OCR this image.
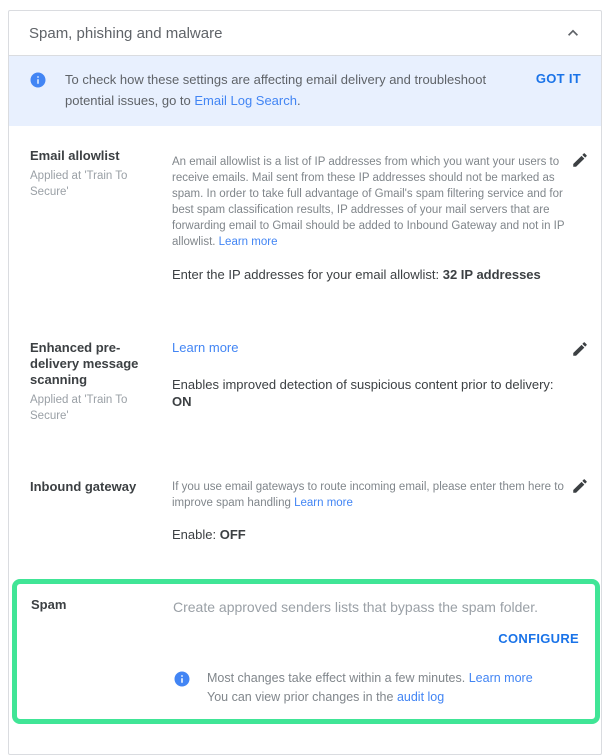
Spam, phishing and malware
To check how these settings are affecting email delivery and troubleshoot potential issues, go to Email Log Search.
GOT IT
Email allowlist
Applied at 'Train To Secure'
An email allowlist is a list of IP addresses from which you want your users to receive emails. Mail sent from these IP addresses should not be marked as spam. In order to take full advantage of Gmail's spam filtering service and for best spam classification results, IP addresses of your mail servers that are forwarding email to Gmail should be added to Inbound Gateway and not in IP allowlist. Learn more
Enter the IP addresses for your email allowlist: 32 IP addresses
Enhanced pre-delivery message scanning
Applied at 'Train To Secure'
Learn more
Enables improved detection of suspicious content prior to delivery: ON
Inbound gateway	If you use email gateways to route incoming email, please enter them here to improve spam handling Learn more
Enable: OFF
Spam	Create approved senders lists that bypass the spam folder.
CONFIGURE
Most changes take effect within a few minutes. Learn more
You can view prior changes in the audit log
